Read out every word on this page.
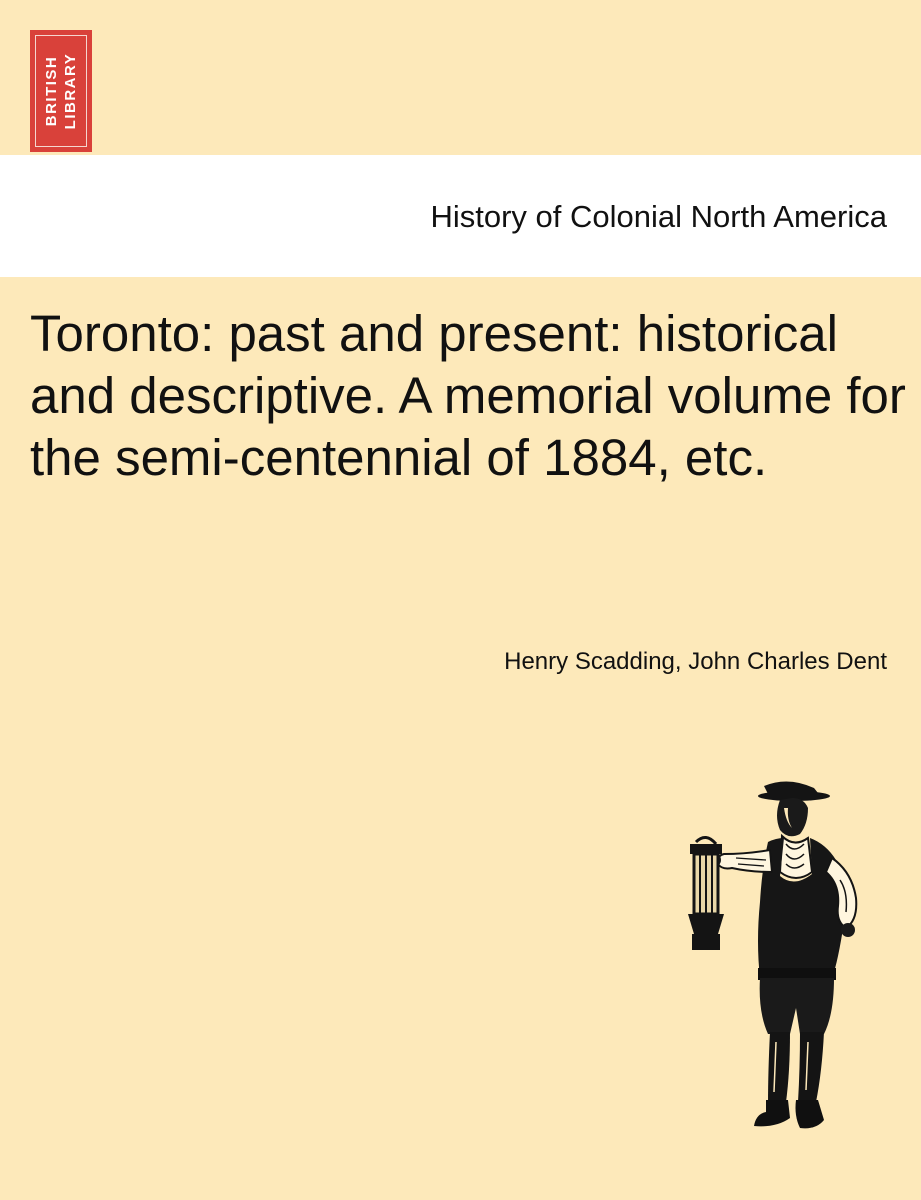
BRITISH LIBRARY
History of Colonial North America
Toronto: past and present: historical and descriptive. A memorial volume for the semi-centennial of 1884, etc.
Henry Scadding, John Charles Dent
